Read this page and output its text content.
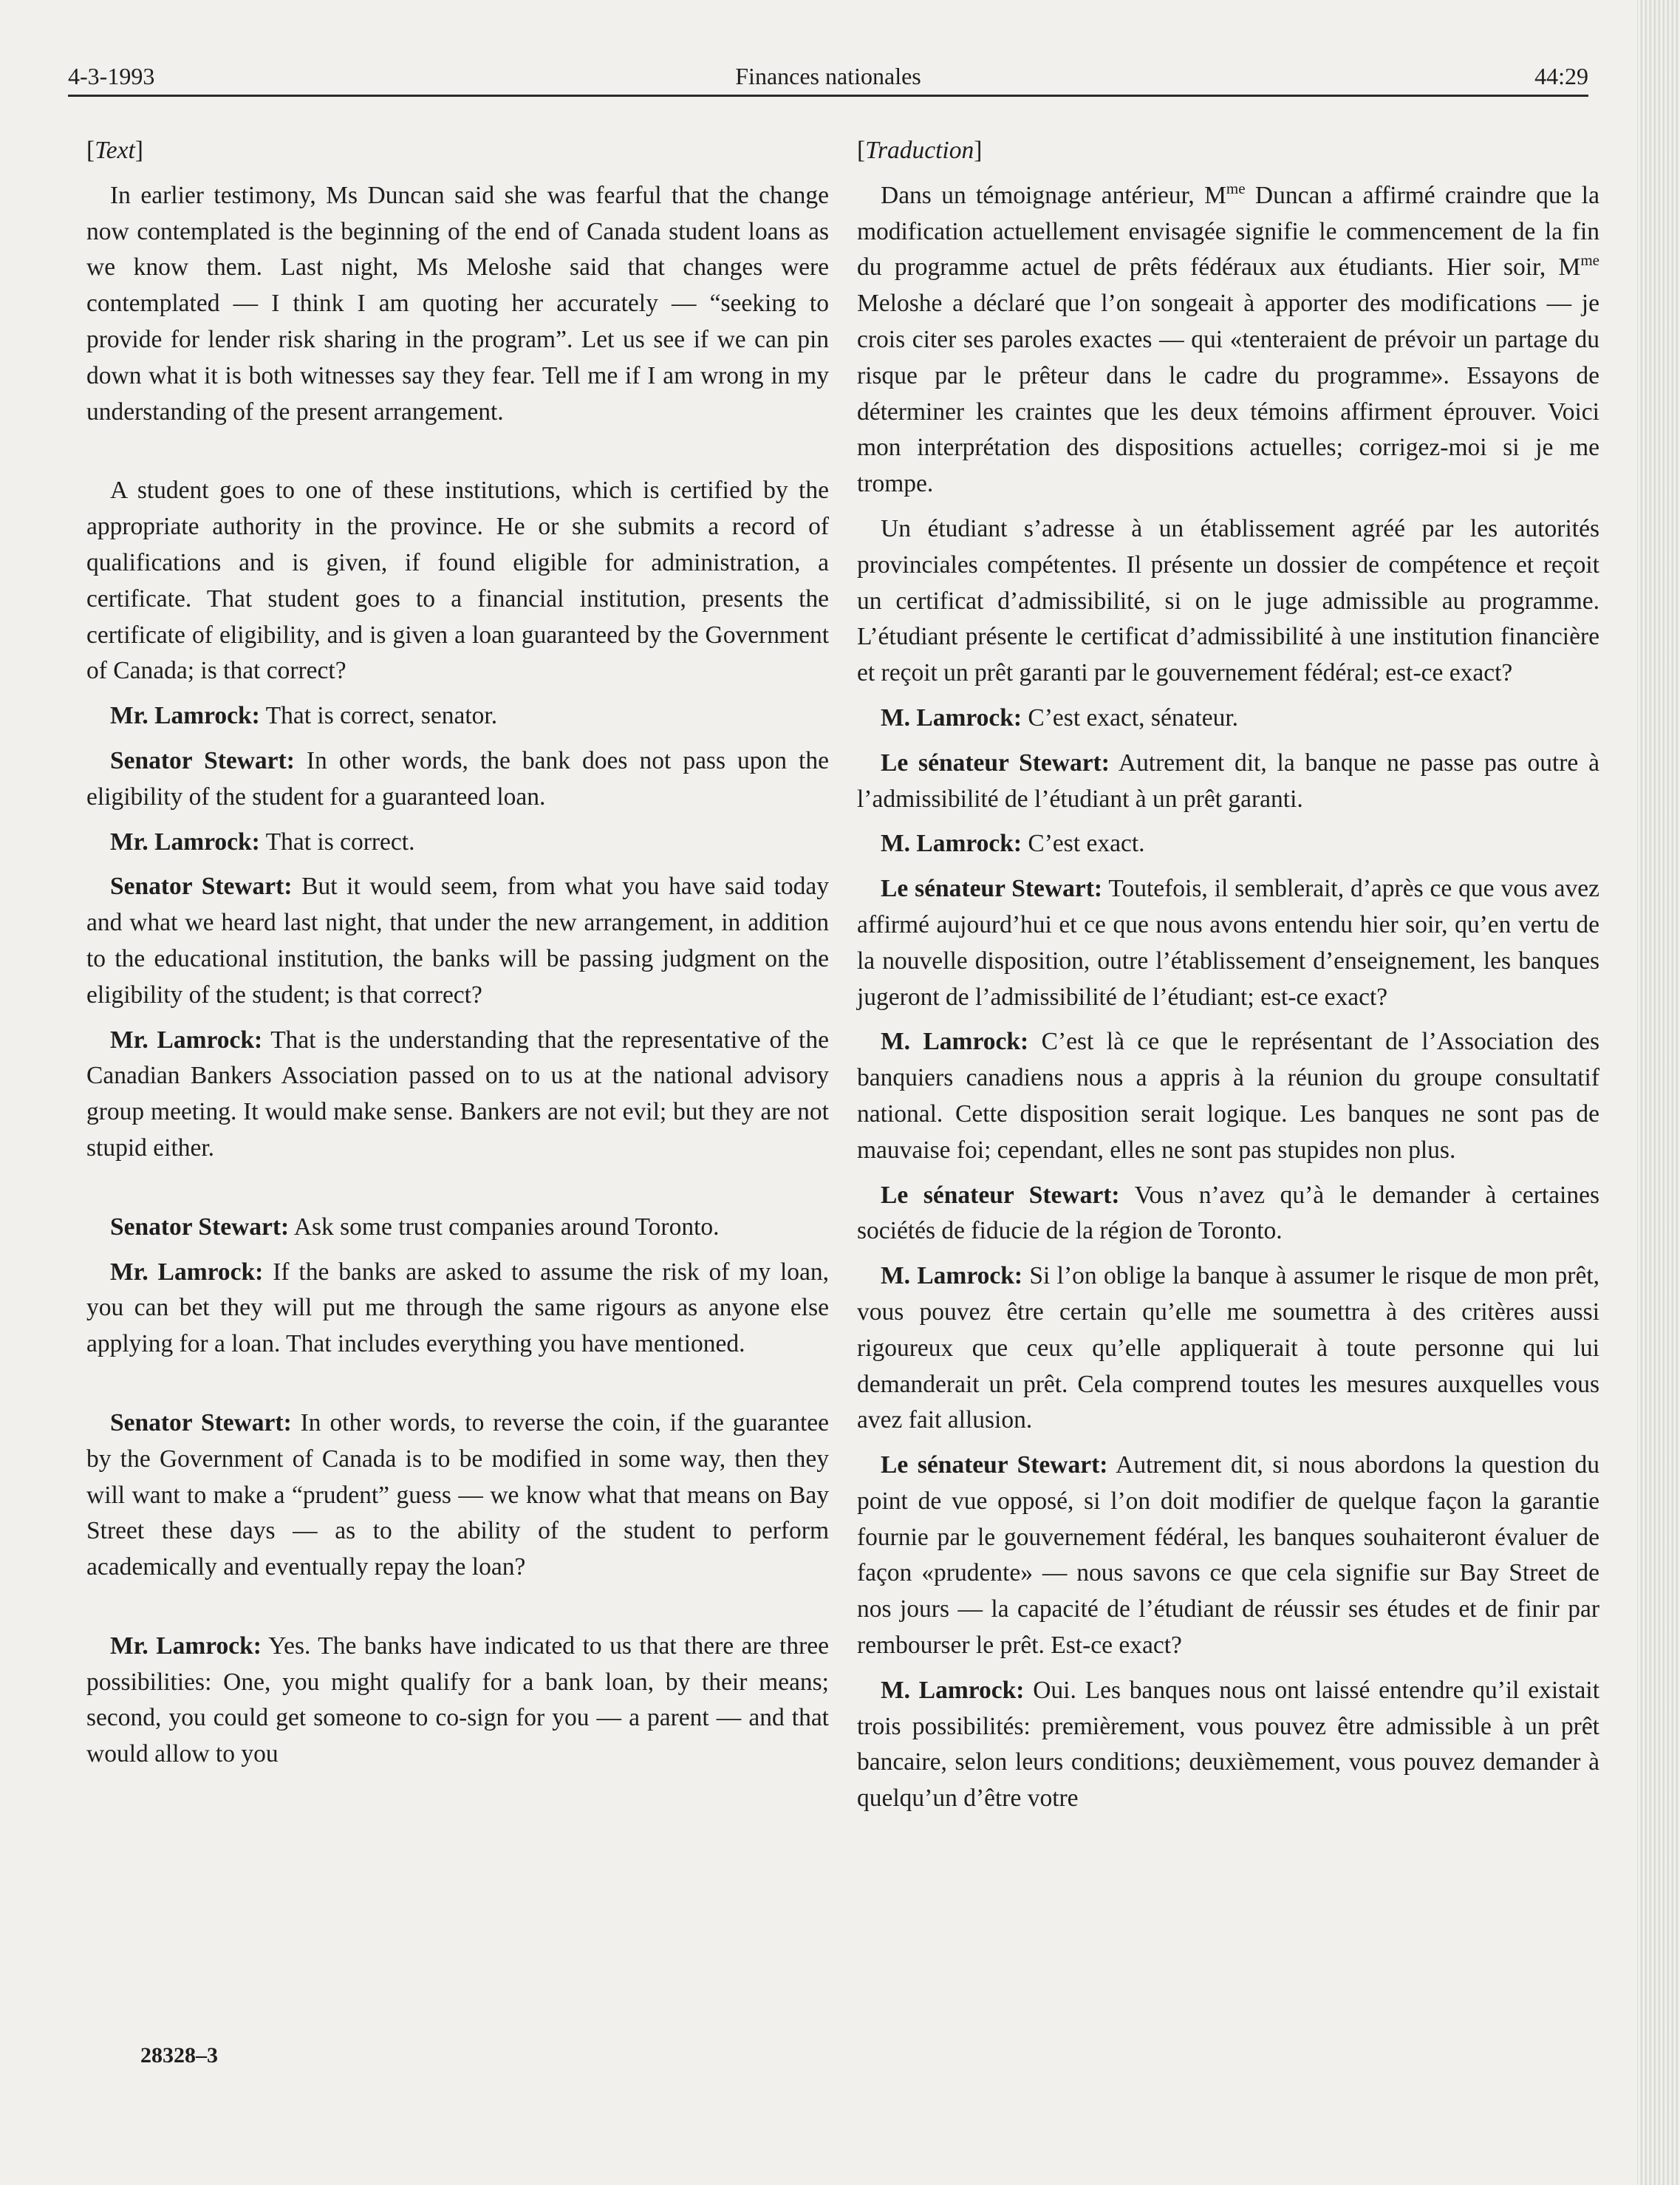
4-3-1993	Finances nationales	44:29

[Text]

In earlier testimony, Ms Duncan said she was fearful that the change now contemplated is the beginning of the end of Canada student loans as we know them. Last night, Ms Meloshe said that changes were contemplated — I think I am quoting her accurately — “seeking to provide for lender risk sharing in the program”. Let us see if we can pin down what it is both witnesses say they fear. Tell me if I am wrong in my understanding of the present arrangement.

A student goes to one of these institutions, which is certified by the appropriate authority in the province. He or she submits a record of qualifications and is given, if found eligible for administration, a certificate. That student goes to a financial institution, presents the certificate of eligibility, and is given a loan guaranteed by the Government of Canada; is that correct?

Mr. Lamrock: That is correct, senator.

Senator Stewart: In other words, the bank does not pass upon the eligibility of the student for a guaranteed loan.

Mr. Lamrock: That is correct.

Senator Stewart: But it would seem, from what you have said today and what we heard last night, that under the new arrangement, in addition to the educational institution, the banks will be passing judgment on the eligibility of the student; is that correct?

Mr. Lamrock: That is the understanding that the representative of the Canadian Bankers Association passed on to us at the national advisory group meeting. It would make sense. Bankers are not evil; but they are not stupid either.

Senator Stewart: Ask some trust companies around Toronto.

Mr. Lamrock: If the banks are asked to assume the risk of my loan, you can bet they will put me through the same rigours as anyone else applying for a loan. That includes everything you have mentioned.

Senator Stewart: In other words, to reverse the coin, if the guarantee by the Government of Canada is to be modified in some way, then they will want to make a “prudent” guess — we know what that means on Bay Street these days — as to the ability of the student to perform academically and eventually repay the loan?

Mr. Lamrock: Yes. The banks have indicated to us that there are three possibilities: One, you might qualify for a bank loan, by their means; second, you could get someone to co-sign for you — a parent — and that would allow to you

[Traduction]

Dans un témoignage antérieur, $M^{me}$ Duncan a affirmé craindre que la modification actuellement envisagée signifie le commencement de la fin du programme actuel de prêts fédéraux aux étudiants. Hier soir, $M^{me}$ Meloshe a déclaré que l’on songeait à apporter des modifications — je crois citer ses paroles exactes — qui «tenteraient de prévoir un partage du risque par le prêteur dans le cadre du programme». Essayons de déterminer les craintes que les deux témoins affirment éprouver. Voici mon interprétation des dispositions actuelles; corrigez-moi si je me trompe.

Un étudiant s’adresse à un établissement agréé par les autorités provinciales compétentes. Il présente un dossier de compétence et reçoit un certificat d’admissibilité, si on le juge admissible au programme. L’étudiant présente le certificat d’admissibilité à une institution financière et reçoit un prêt garanti par le gouvernement fédéral; est-ce exact?

M. Lamrock: C’est exact, sénateur.

Le sénateur Stewart: Autrement dit, la banque ne passe pas outre à l’admissibilité de l’étudiant à un prêt garanti.

M. Lamrock: C’est exact.

Le sénateur Stewart: Toutefois, il semblerait, d’après ce que vous avez affirmé aujourd’hui et ce que nous avons entendu hier soir, qu’en vertu de la nouvelle disposition, outre l’établissement d’enseignement, les banques jugeront de l’admissibilité de l’étudiant; est-ce exact?

M. Lamrock: C’est là ce que le représentant de l’Association des banquiers canadiens nous a appris à la réunion du groupe consultatif national. Cette disposition serait logique. Les banques ne sont pas de mauvaise foi; cependant, elles ne sont pas stupides non plus.

Le sénateur Stewart: Vous n’avez qu’à le demander à certaines sociétés de fiducie de la région de Toronto.

M. Lamrock: Si l’on oblige la banque à assumer le risque de mon prêt, vous pouvez être certain qu’elle me soumettra à des critères aussi rigoureux que ceux qu’elle appliquerait à toute personne qui lui demanderait un prêt. Cela comprend toutes les mesures auxquelles vous avez fait allusion.

Le sénateur Stewart: Autrement dit, si nous abordons la question du point de vue opposé, si l’on doit modifier de quelque façon la garantie fournie par le gouvernement fédéral, les banques souhaiteront évaluer de façon «prudente» — nous savons ce que cela signifie sur Bay Street de nos jours — la capacité de l’étudiant de réussir ses études et de finir par rembourser le prêt. Est-ce exact?

M. Lamrock: Oui. Les banques nous ont laissé entendre qu’il existait trois possibilités: premièrement, vous pouvez être admissible à un prêt bancaire, selon leurs conditions; deuxièmement, vous pouvez demander à quelqu’un d’être votre

28328–3
